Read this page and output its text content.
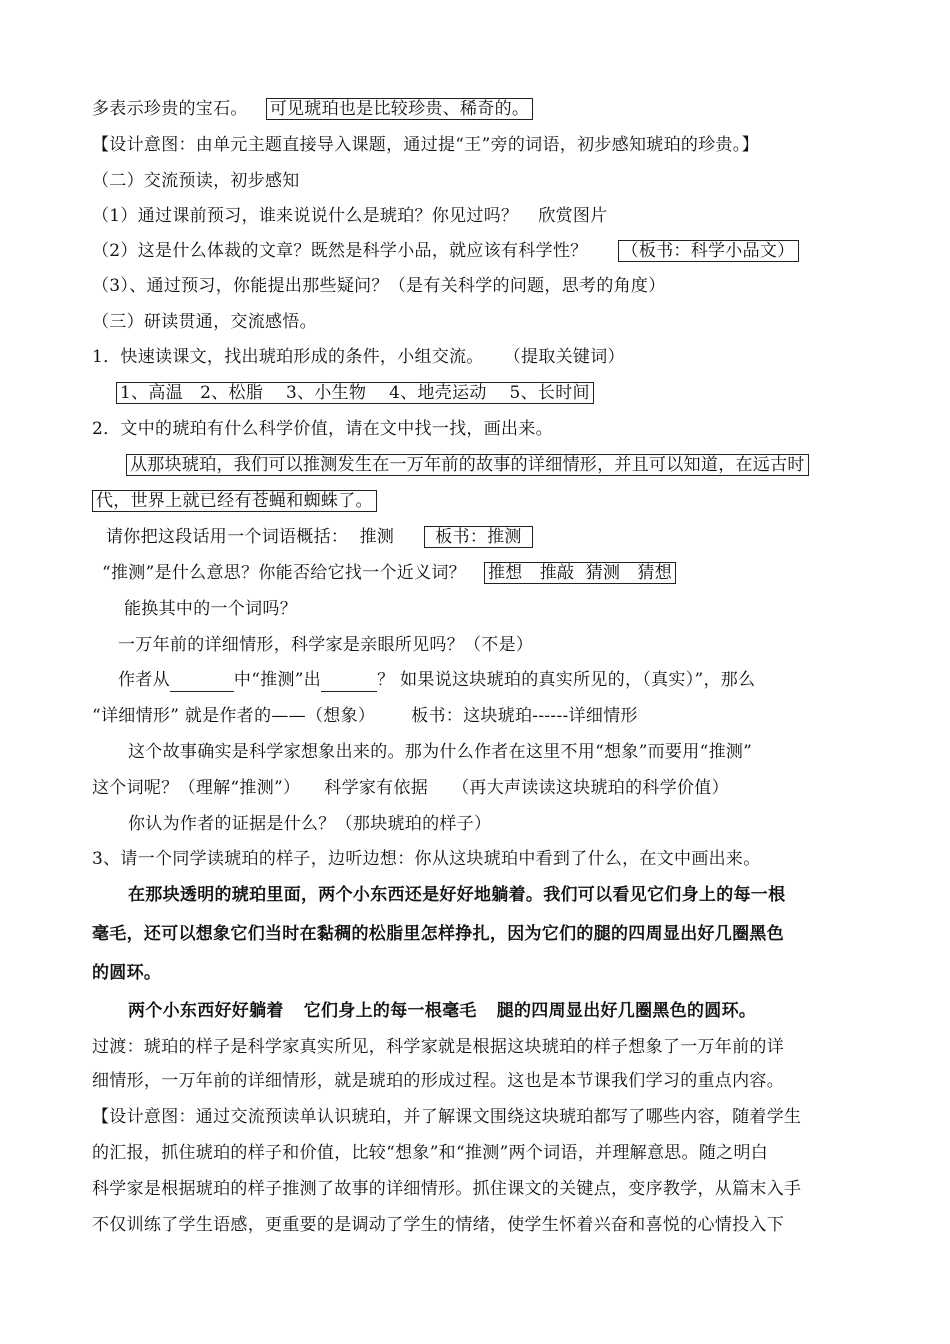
多表示珍贵的宝石。 可见琥珀也是比较珍贵、稀奇的。
【设计意图：由单元主题直接导入课题，通过提“王”旁的词语，初步感知琥珀的珍贵。】
（二）交流预读，初步感知
（1）通过课前预习，谁来说说什么是琥珀？你见过吗？ 欣赏图片
（2）这是什么体裁的文章？既然是科学小品，就应该有科学性？ （板书：科学小品文）
（3）、通过预习，你能提出那些疑问？（是有关科学的问题，思考的角度）
（三）研读贯通，交流感悟。
1．快速读课文，找出琥珀形成的条件，小组交流。 （提取关键词）
1、高温   2、松脂    3、小生物    4、地壳运动    5、长时间
2．文中的琥珀有什么科学价值，请在文中找一找，画出来。
从那块琥珀，我们可以推测发生在一万年前的故事的详细情形，并且可以知道，在远古时
代，世界上就已经有苍蝇和蜘蛛了。
请你把这段话用一个词语概括：  推测 板书：推测
“推测”是什么意思？你能否给它找一个近义词？ 推想   推敲  猜测   猜想
能换其中的一个词吗？
一万年前的详细情形，科学家是亲眼所见吗？（不是）
作者从	中“推测”出	？ 如果说这块琥珀的真实所见的，（真实）”，那么
“详细情形” 就是作者的——（想象） 板书：这块琥珀------详细情形
这个故事确实是科学家想象出来的。那为什么作者在这里不用“想象”而要用“推测”
这个词呢？（理解“推测”） 科学家有依据 （再大声读读这块琥珀的科学价值）
你认为作者的证据是什么？（那块琥珀的样子）
3、请一个同学读琥珀的样子，边听边想：你从这块琥珀中看到了什么，在文中画出来。
在那块透明的琥珀里面，两个小东西还是好好地躺着。我们可以看见它们身上的每一根
毫毛，还可以想象它们当时在黏稠的松脂里怎样挣扎，因为它们的腿的四周显出好几圈黑色
的圆环。
两个小东西好好躺着 它们身上的每一根毫毛 腿的四周显出好几圈黑色的圆环。
过渡：琥珀的样子是科学家真实所见，科学家就是根据这块琥珀的样子想象了一万年前的详
细情形，一万年前的详细情形，就是琥珀的形成过程。这也是本节课我们学习的重点内容。
【设计意图：通过交流预读单认识琥珀，并了解课文围绕这块琥珀都写了哪些内容，随着学生
的汇报，抓住琥珀的样子和价值，比较“想象”和“推测”两个词语，并理解意思。随之明白
科学家是根据琥珀的样子推测了故事的详细情形。抓住课文的关键点，变序教学，从篇末入手
不仅训练了学生语感，更重要的是调动了学生的情绪，使学生怀着兴奋和喜悦的心情投入下
